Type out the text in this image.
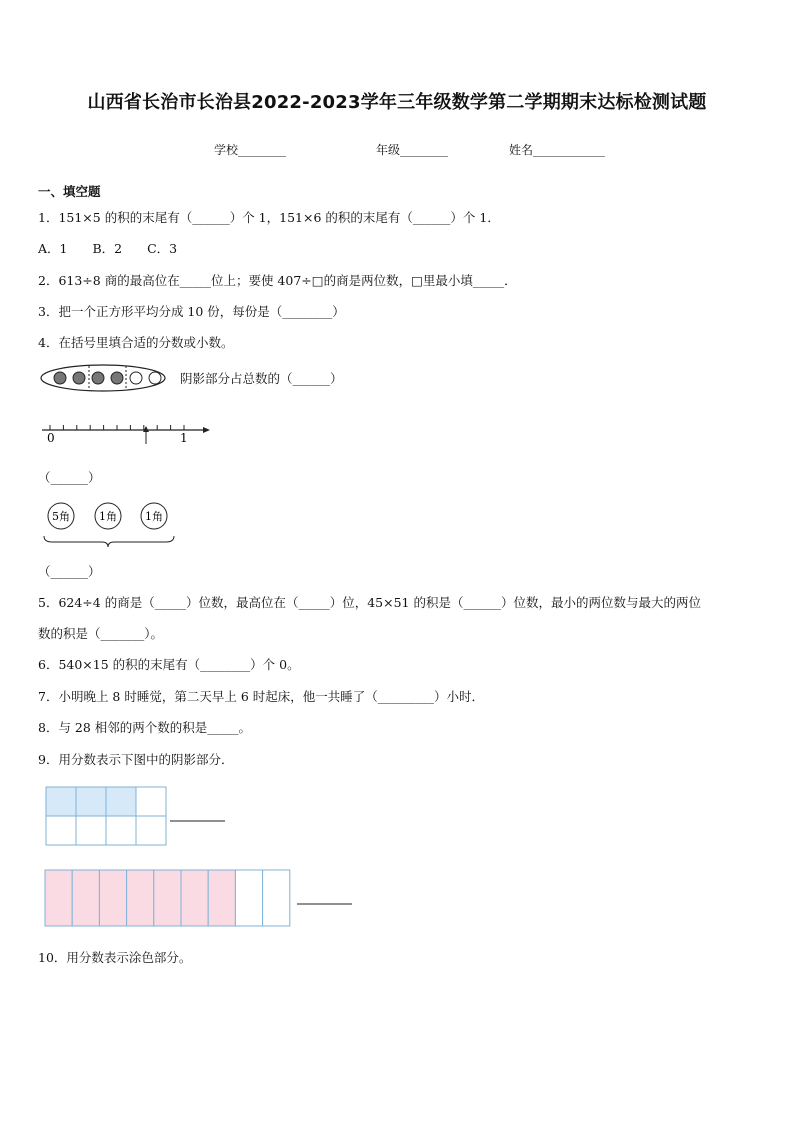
山西省长治市长治县2022-2023学年三年级数学第二学期期末达标检测试题
学校________	年级________	姓名____________
一、填空题
1．151×5 的积的末尾有（______）个 1，151×6 的积的末尾有（______）个 1．
A．1　　B．2　　C．3
2．613÷8 商的最高位在_____位上；要使 407÷□的商是两位数，□里最小填_____．
3．把一个正方形平均分成 10 份，每份是（________）
4．在括号里填合适的分数或小数。
阴影部分占总数的（______）
0	1
（______）
5角	1角	1角
（______）
5．624÷4 的商是（_____）位数，最高位在（_____）位，45×51 的积是（______）位数，最小的两位数与最大的两位
数的积是（_______）。
6．540×15 的积的末尾有（________）个 0。
7．小明晚上 8 时睡觉，第二天早上 6 时起床，他一共睡了（_________）小时．
8．与 28 相邻的两个数的积是_____。
9．用分数表示下图中的阴影部分．
10．用分数表示涂色部分。
